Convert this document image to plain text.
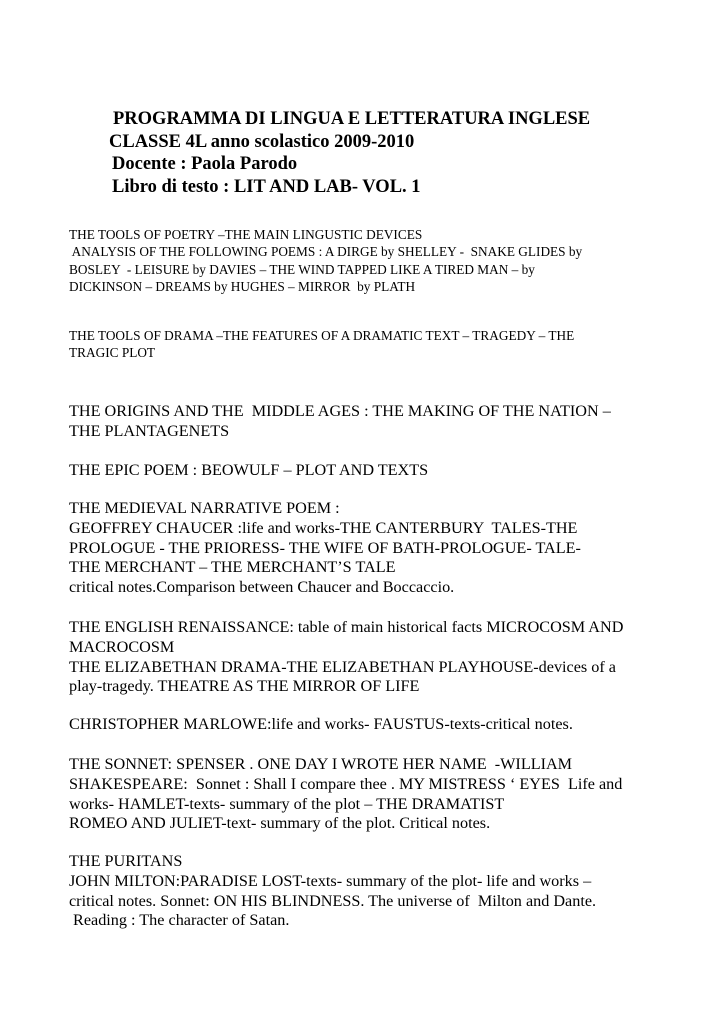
PROGRAMMA DI LINGUA E LETTERATURA INGLESE
CLASSE 4L anno scolastico 2009-2010
Docente : Paola Parodo
Libro di testo : LIT AND LAB- VOL. 1
THE TOOLS OF POETRY –THE MAIN LINGUSTIC DEVICES
ANALYSIS OF THE FOLLOWING POEMS : A DIRGE by SHELLEY -  SNAKE GLIDES by
BOSLEY  - LEISURE by DAVIES – THE WIND TAPPED LIKE A TIRED MAN – by
DICKINSON – DREAMS by HUGHES – MIRROR  by PLATH
THE TOOLS OF DRAMA –THE FEATURES OF A DRAMATIC TEXT – TRAGEDY – THE
TRAGIC PLOT
THE ORIGINS AND THE  MIDDLE AGES : THE MAKING OF THE NATION –
THE PLANTAGENETS
THE EPIC POEM : BEOWULF – PLOT AND TEXTS
THE MEDIEVAL NARRATIVE POEM :
GEOFFREY CHAUCER :life and works-THE CANTERBURY  TALES-THE
PROLOGUE - THE PRIORESS- THE WIFE OF BATH-PROLOGUE- TALE-
THE MERCHANT – THE MERCHANT’S TALE
critical notes.Comparison between Chaucer and Boccaccio.
THE ENGLISH RENAISSANCE: table of main historical facts MICROCOSM AND
MACROCOSM
THE ELIZABETHAN DRAMA-THE ELIZABETHAN PLAYHOUSE-devices of a
play-tragedy. THEATRE AS THE MIRROR OF LIFE
CHRISTOPHER MARLOWE:life and works- FAUSTUS-texts-critical notes.
THE SONNET: SPENSER . ONE DAY I WROTE HER NAME  -WILLIAM
SHAKESPEARE:  Sonnet : Shall I compare thee . MY MISTRESS ‘ EYES  Life and
works- HAMLET-texts- summary of the plot – THE DRAMATIST
ROMEO AND JULIET-text- summary of the plot. Critical notes.
THE PURITANS
JOHN MILTON:PARADISE LOST-texts- summary of the plot- life and works –
critical notes. Sonnet: ON HIS BLINDNESS. The universe of  Milton and Dante.
Reading : The character of Satan.
